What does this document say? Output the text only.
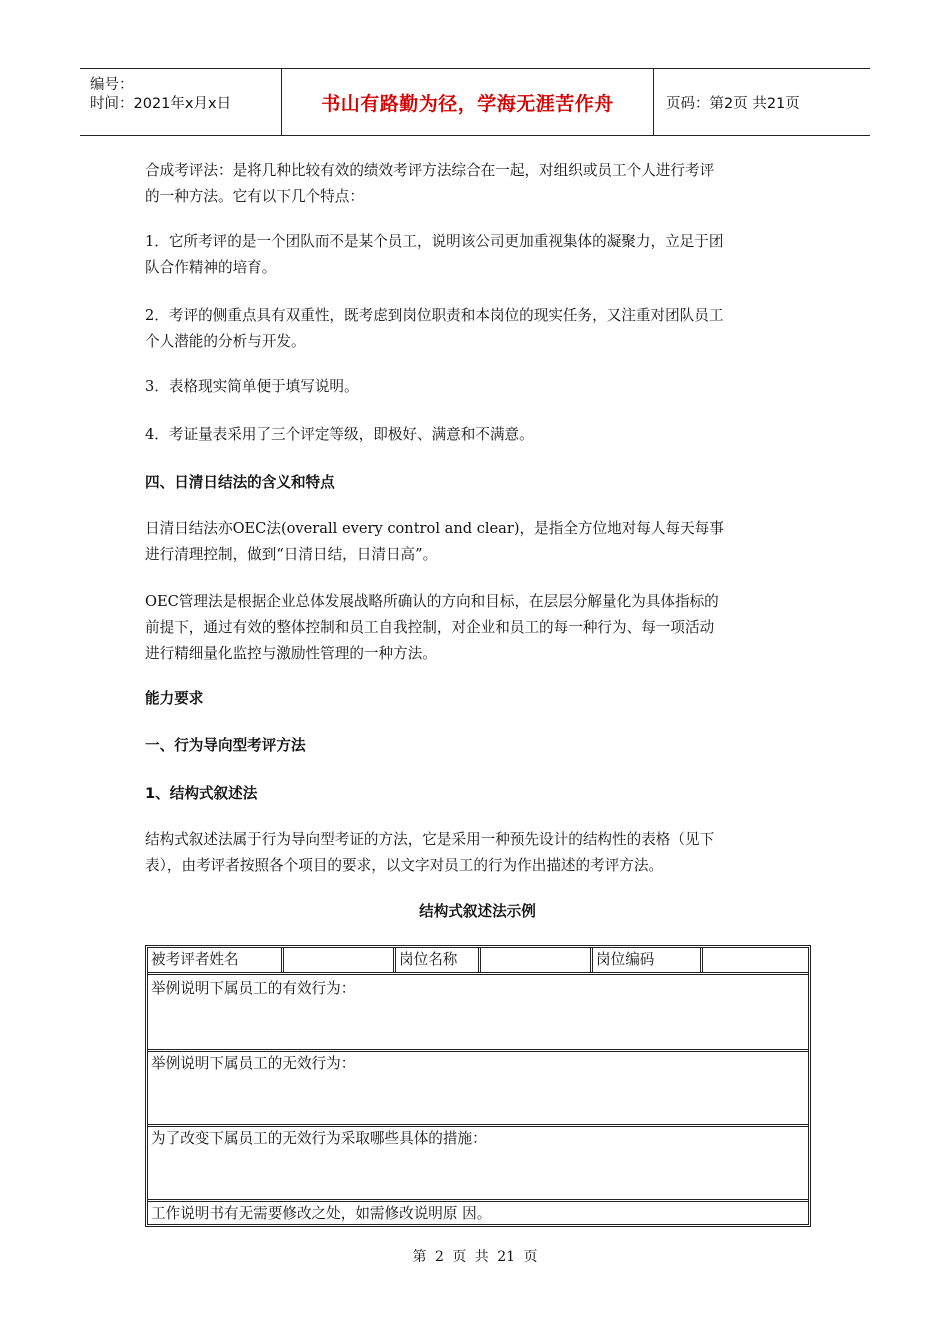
编号：
时间：2021年x月x日	书山有路勤为径，学海无涯苦作舟	页码：第2页 共21页
合成考评法：是将几种比较有效的绩效考评方法综合在一起，对组织或员工个人进行考评
的一种方法。它有以下几个特点：
1．它所考评的是一个团队而不是某个员工，说明该公司更加重视集体的凝聚力，立足于团
队合作精神的培育。
2．考评的侧重点具有双重性，既考虑到岗位职责和本岗位的现实任务，又注重对团队员工
个人潜能的分析与开发。
3．表格现实简单便于填写说明。
4．考证量表采用了三个评定等级，即极好、满意和不满意。
四、日清日结法的含义和特点
日清日结法亦OEC法(overall every control and clear)，是指全方位地对每人每天每事
进行清理控制，做到“日清日结，日清日高”。
OEC管理法是根据企业总体发展战略所确认的方向和目标，在层层分解量化为具体指标的
前提下，通过有效的整体控制和员工自我控制，对企业和员工的每一种行为、每一项活动
进行精细量化监控与激励性管理的一种方法。
能力要求
一、行为导向型考评方法
1、结构式叙述法
结构式叙述法属于行为导向型考证的方法，它是采用一种预先设计的结构性的表格（见下
表），由考评者按照各个项目的要求，以文字对员工的行为作出描述的考评方法。
结构式叙述法示例
被考评者姓名	岗位名称	岗位编码
举例说明下属员工的有效行为：
举例说明下属员工的无效行为：
为了改变下属员工的无效行为采取哪些具体的措施：
工作说明书有无需要修改之处，如需修改说明原 因。
第 2 页 共 21 页
